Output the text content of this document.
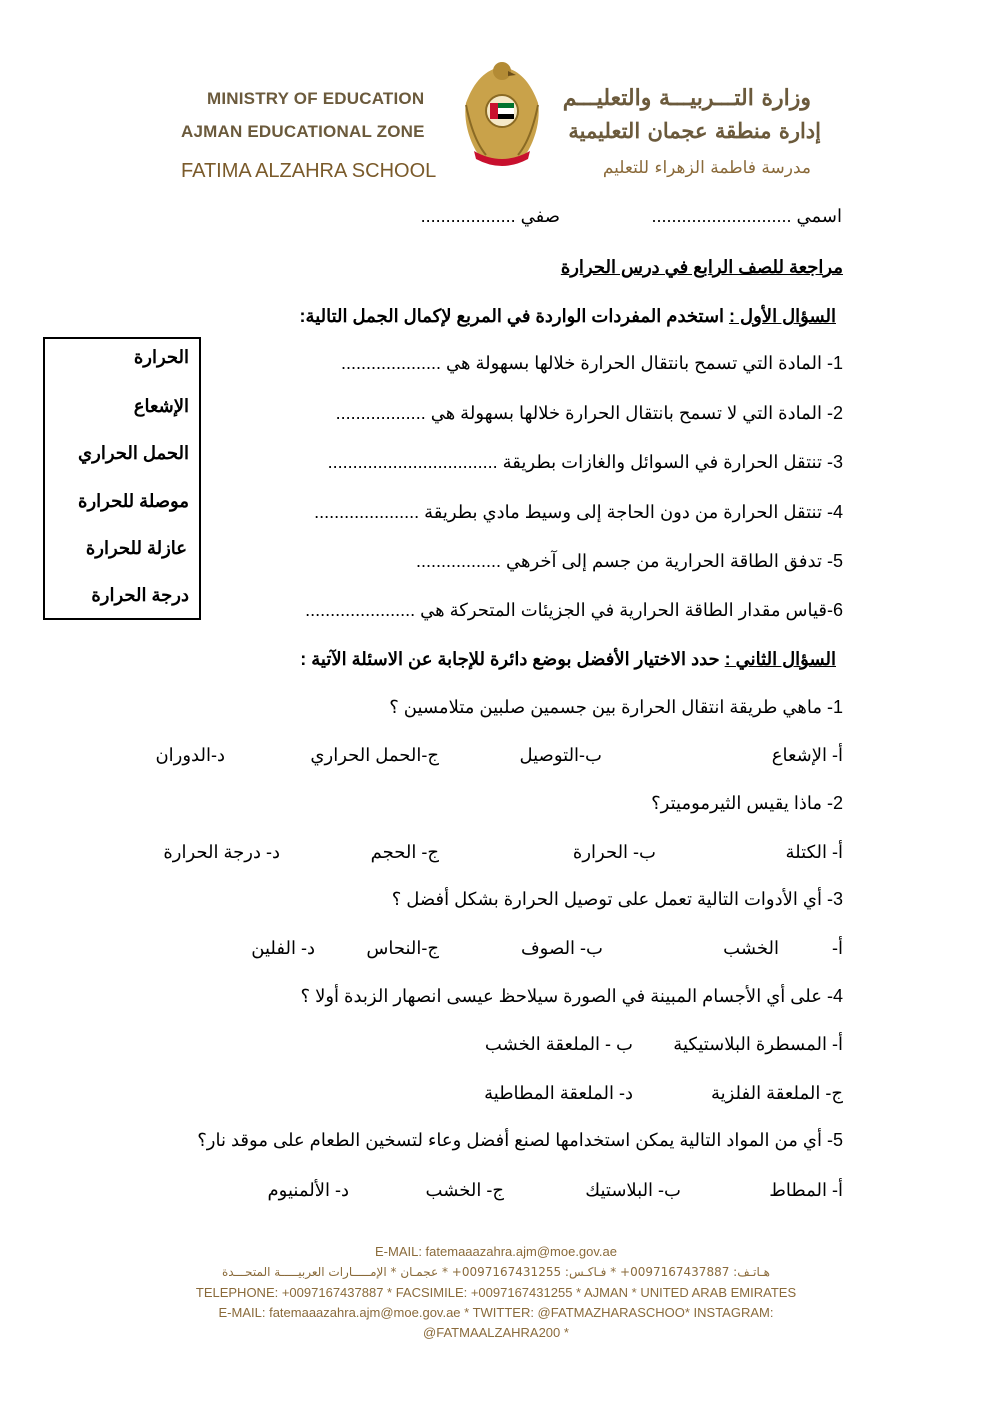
MINISTRY OF EDUCATION
AJMAN EDUCATIONAL ZONE
FATIMA ALZAHRA SCHOOL
وزارة التـــربيـــة والتعليـــم
إدارة منطقة عجمان التعليمية
مدرسة فاطمة الزهراء للتعليم
اسمي ............................
صفي ...................
مراجعة للصف الرابع في درس الحرارة
السؤال الأول : استخدم المفردات الواردة في المربع لإكمال الجمل التالية:
1- المادة التي تسمح بانتقال الحرارة خلالها بسهولة هي ....................
2- المادة التي لا تسمح بانتقال الحرارة خلالها بسهولة هي ..................
3- تنتقل الحرارة في السوائل والغازات بطريقة ..................................
4- تنتقل الحرارة من دون الحاجة إلى وسيط مادي بطريقة .....................
5- تدفق الطاقة الحرارية من جسم إلى آخرهي .................
6-قياس مقدار الطاقة الحرارية في الجزيئات المتحركة هي ......................
الحرارة
الإشعاع
الحمل الحراري
موصلة للحرارة
عازلة للحرارة
درجة الحرارة
السؤال الثاني : حدد الاختيار الأفضل بوضع دائرة للإجابة عن الاسئلة الآتية :
1- ماهي طريقة انتقال الحرارة بين جسمين صلبين متلامسين ؟
أ- الإشعاع
ب-التوصيل
ج-الحمل الحراري
د-الدوران
2- ماذا يقيس الثيرموميتر؟
أ- الكتلة
ب- الحرارة
ج- الحجم
د- درجة الحرارة
3- أي الأدوات التالية تعمل على توصيل الحرارة بشكل أفضل ؟
أ-
الخشب
ب- الصوف
ج-النحاس
د- الفلين
4- على أي الأجسام المبينة في الصورة سيلاحظ عيسى انصهار الزبدة أولا ؟
أ- المسطرة البلاستيكية
ب - الملعقة الخشب
ج- الملعقة الفلزية
د- الملعقة المطاطية
5- أي من المواد التالية يمكن استخدامها لصنع أفضل وعاء لتسخين الطعام على موقد نار؟
أ- المطاط
ب- البلاستيك
ج- الخشب
د- الألمنيوم
E-MAIL: fatemaaazahra.ajm@moe.gov.ae
هـاتـف: 0097167437887+ * فـاكـس: 0097167431255+ * عجمـان * الإمـــــارات العربيـــــة المتحـــدة
TELEPHONE: +0097167437887 * FACSIMILE: +0097167431255 * AJMAN * UNITED ARAB EMIRATES
E-MAIL: fatemaaazahra.ajm@moe.gov.ae * TWITTER: @FATMAZHARASCHOO* INSTAGRAM:
@FATMAALZAHRA200 *
